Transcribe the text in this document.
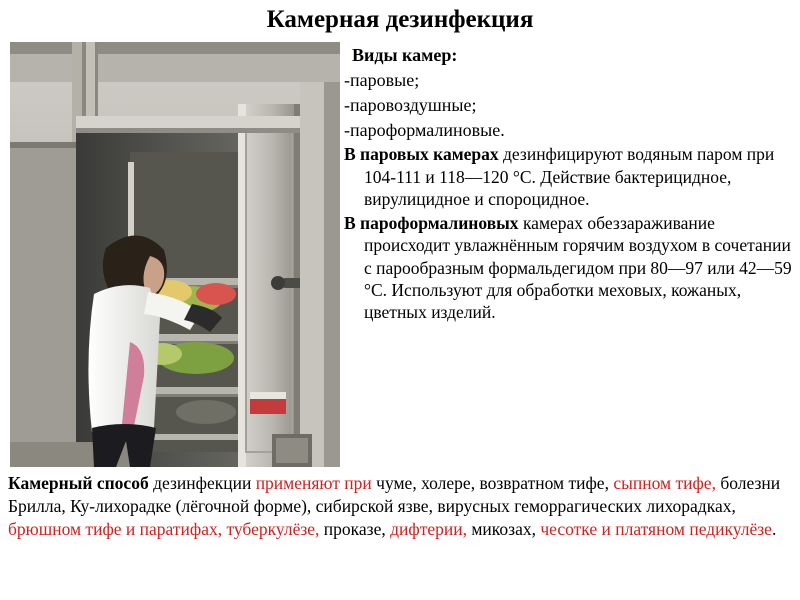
Камерная дезинфекция
Виды камер:
-паровые;
-паровоздушные;
-пароформалиновые.

В паровых камерах дезинфицируют водяным паром при 104-111 и 118—120 °С. Действие бактерицидное, вирулицидное и спороцидное.

В пароформалиновых камерах обеззараживание происходит увлажнённым горячим воздухом в сочетании с парообразным формальдегидом при 80—97 или 42—59 °С. Используют для обработки меховых, кожаных, цветных изделий.

Камерный способ дезинфекции применяют при чуме, холере, возвратном тифе, сыпном тифе, болезни Брилла, Ку-лихорадке (лёгочной форме), сибирской язве, вирусных геморрагических лихорадках, брюшном тифе и паратифах, туберкулёзе, проказе, дифтерии, микозах, чесотке и платяном педикулёзе.
